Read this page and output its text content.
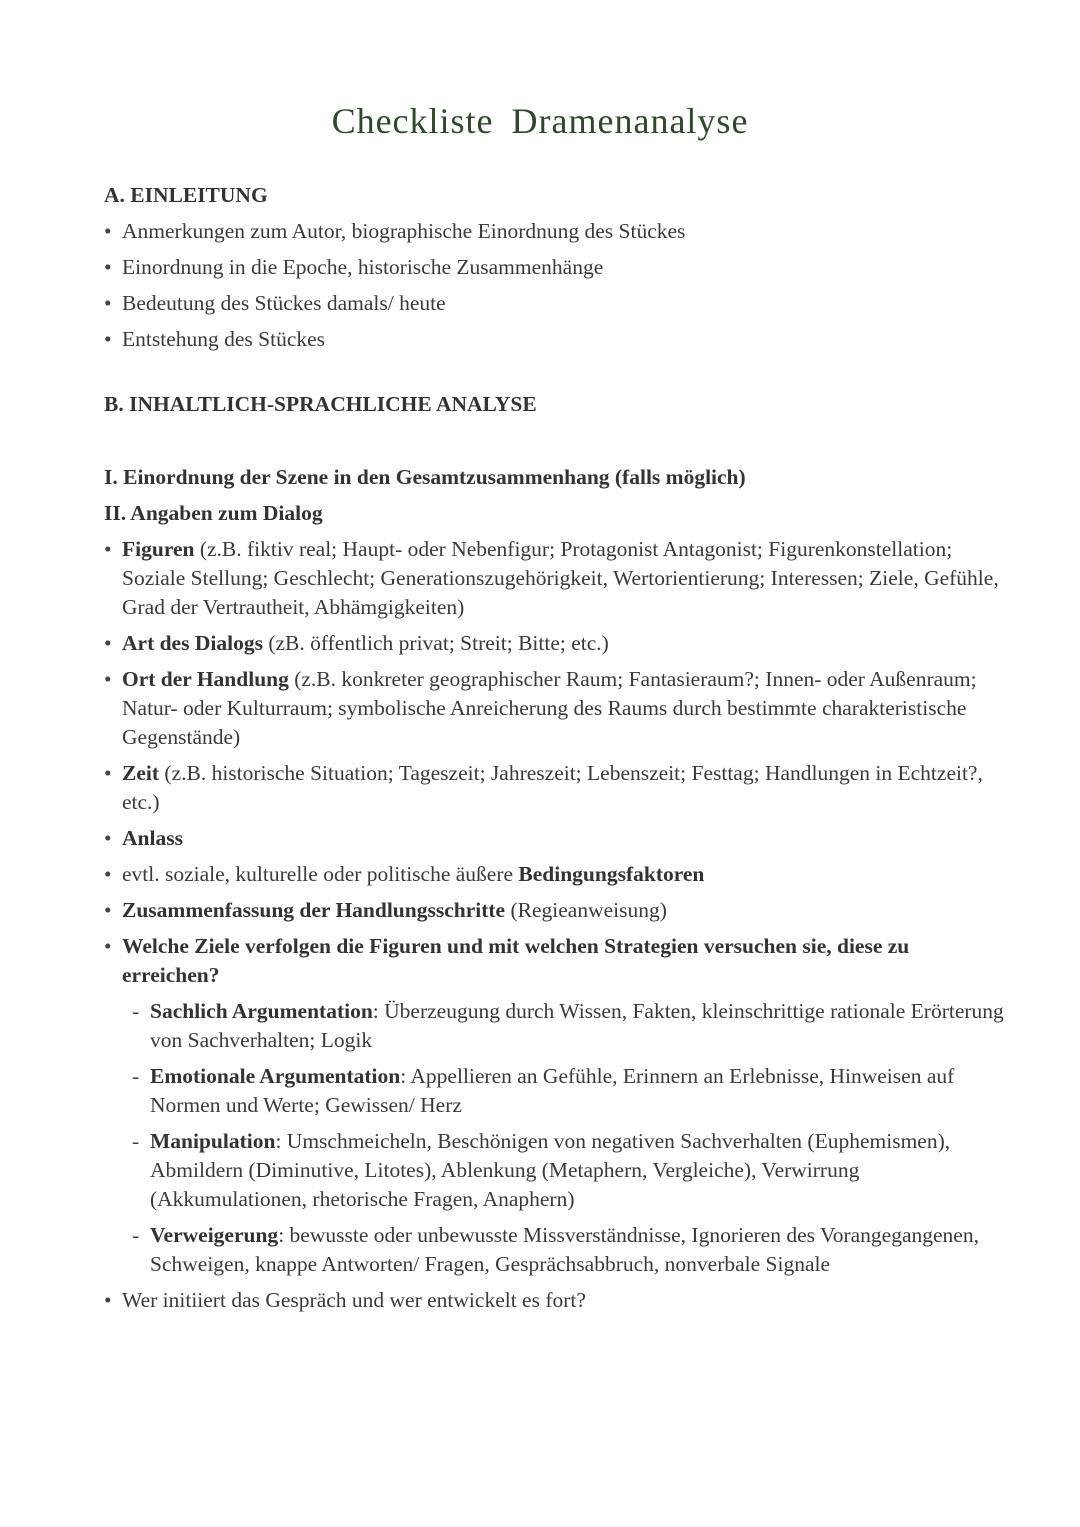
Checkliste Dramenanalyse
A. EINLEITUNG
• Anmerkungen zum Autor, biographische Einordnung des Stückes
• Einordnung in die Epoche, historische Zusammenhänge
• Bedeutung des Stückes damals/ heute
• Entstehung des Stückes
B. INHALTLICH-SPRACHLICHE ANALYSE
I. Einordnung der Szene in den Gesamtzusammenhang (falls möglich)
II. Angaben zum Dialog
• Figuren (z.B. fiktiv real; Haupt- oder Nebenfigur; Protagonist Antagonist; Figurenkonstellation; Soziale Stellung; Geschlecht; Generationszugehörigkeit, Wertorientierung; Interessen; Ziele, Gefühle, Grad der Vertrautheit, Abhämgigkeiten)
• Art des Dialogs (zB. öffentlich privat; Streit; Bitte; etc.)
• Ort der Handlung (z.B. konkreter geographischer Raum; Fantasieraum?; Innen- oder Außenraum; Natur- oder Kulturraum; symbolische Anreicherung des Raums durch bestimmte charakteristische Gegenstände)
• Zeit (z.B. historische Situation; Tageszeit; Jahreszeit; Lebenszeit; Festtag; Handlungen in Echtzeit?, etc.)
• Anlass
• evtl. soziale, kulturelle oder politische äußere Bedingungsfaktoren
• Zusammenfassung der Handlungsschritte (Regieanweisung)
• Welche Ziele verfolgen die Figuren und mit welchen Strategien versuchen sie, diese zu erreichen?
- Sachlich Argumentation: Überzeugung durch Wissen, Fakten, kleinschrittige rationale Erörterung von Sachverhalten; Logik
- Emotionale Argumentation: Appellieren an Gefühle, Erinnern an Erlebnisse, Hinweisen auf Normen und Werte; Gewissen/ Herz
- Manipulation: Umschmeicheln, Beschönigen von negativen Sachverhalten (Euphemismen), Abmildern (Diminutive, Litotes), Ablenkung (Metaphern, Vergleiche), Verwirrung (Akkumulationen, rhetorische Fragen, Anaphern)
- Verweigerung: bewusste oder unbewusste Missverständnisse, Ignorieren des Vorangegangenen, Schweigen, knappe Antworten/ Fragen, Gesprächsabbruch, nonverbale Signale
• Wer initiiert das Gespräch und wer entwickelt es fort?
